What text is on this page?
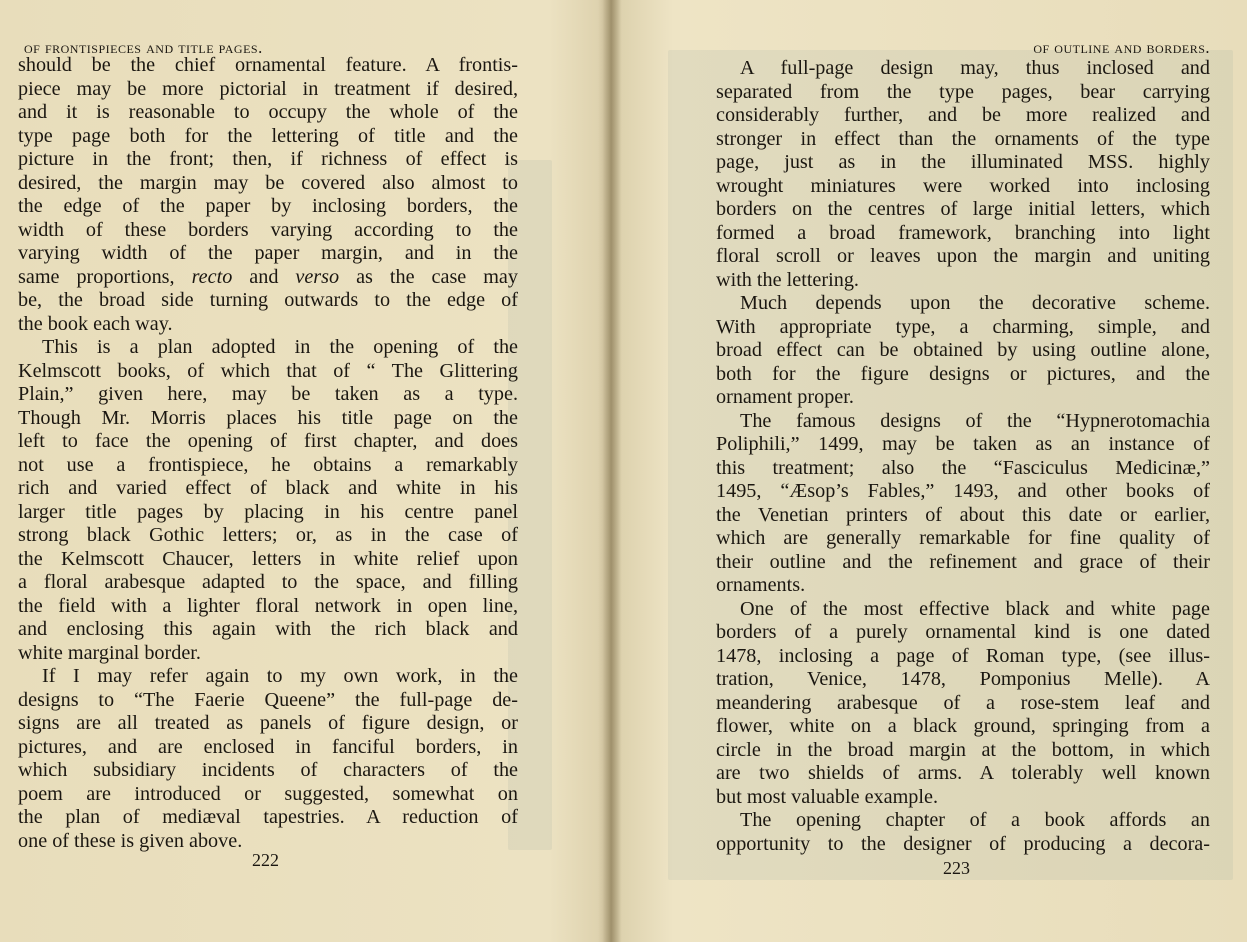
of frontispieces and title pages.
should be the chief ornamental feature. A frontis-
piece may be more pictorial in treatment if desired,
and it is reasonable to occupy the whole of the
type page both for the lettering of title and the
picture in the front; then, if richness of effect is
desired, the margin may be covered also almost to
the edge of the paper by inclosing borders, the
width of these borders varying according to the
varying width of the paper margin, and in the
same proportions, recto and verso as the case may
be, the broad side turning outwards to the edge of
the book each way.
This is a plan adopted in the opening of the
Kelmscott books, of which that of “ The Glittering
Plain,” given here, may be taken as a type.
Though Mr. Morris places his title page on the
left to face the opening of first chapter, and does
not use a frontispiece, he obtains a remarkably
rich and varied effect of black and white in his
larger title pages by placing in his centre panel
strong black Gothic letters; or, as in the case of
the Kelmscott Chaucer, letters in white relief upon
a floral arabesque adapted to the space, and filling
the field with a lighter floral network in open line,
and enclosing this again with the rich black and
white marginal border.
If I may refer again to my own work, in the
designs to “The Faerie Queene” the full-page de-
signs are all treated as panels of figure design, or
pictures, and are enclosed in fanciful borders, in
which subsidiary incidents of characters of the
poem are introduced or suggested, somewhat on
the plan of mediæval tapestries. A reduction of
one of these is given above.
222
of outline and borders.
A full-page design may, thus inclosed and
separated from the type pages, bear carrying
considerably further, and be more realized and
stronger in effect than the ornaments of the type
page, just as in the illuminated MSS. highly
wrought miniatures were worked into inclosing
borders on the centres of large initial letters, which
formed a broad framework, branching into light
floral scroll or leaves upon the margin and uniting
with the lettering.
Much depends upon the decorative scheme.
With appropriate type, a charming, simple, and
broad effect can be obtained by using outline alone,
both for the figure designs or pictures, and the
ornament proper.
The famous designs of the “Hypnerotomachia
Poliphili,” 1499, may be taken as an instance of
this treatment; also the “Fasciculus Medicinæ,”
1495, “Æsop’s Fables,” 1493, and other books of
the Venetian printers of about this date or earlier,
which are generally remarkable for fine quality of
their outline and the refinement and grace of their
ornaments.
One of the most effective black and white page
borders of a purely ornamental kind is one dated
1478, inclosing a page of Roman type, (see illus-
tration, Venice, 1478, Pomponius Melle). A
meandering arabesque of a rose-stem leaf and
flower, white on a black ground, springing from a
circle in the broad margin at the bottom, in which
are two shields of arms. A tolerably well known
but most valuable example.
The opening chapter of a book affords an
opportunity to the designer of producing a decora-
223
